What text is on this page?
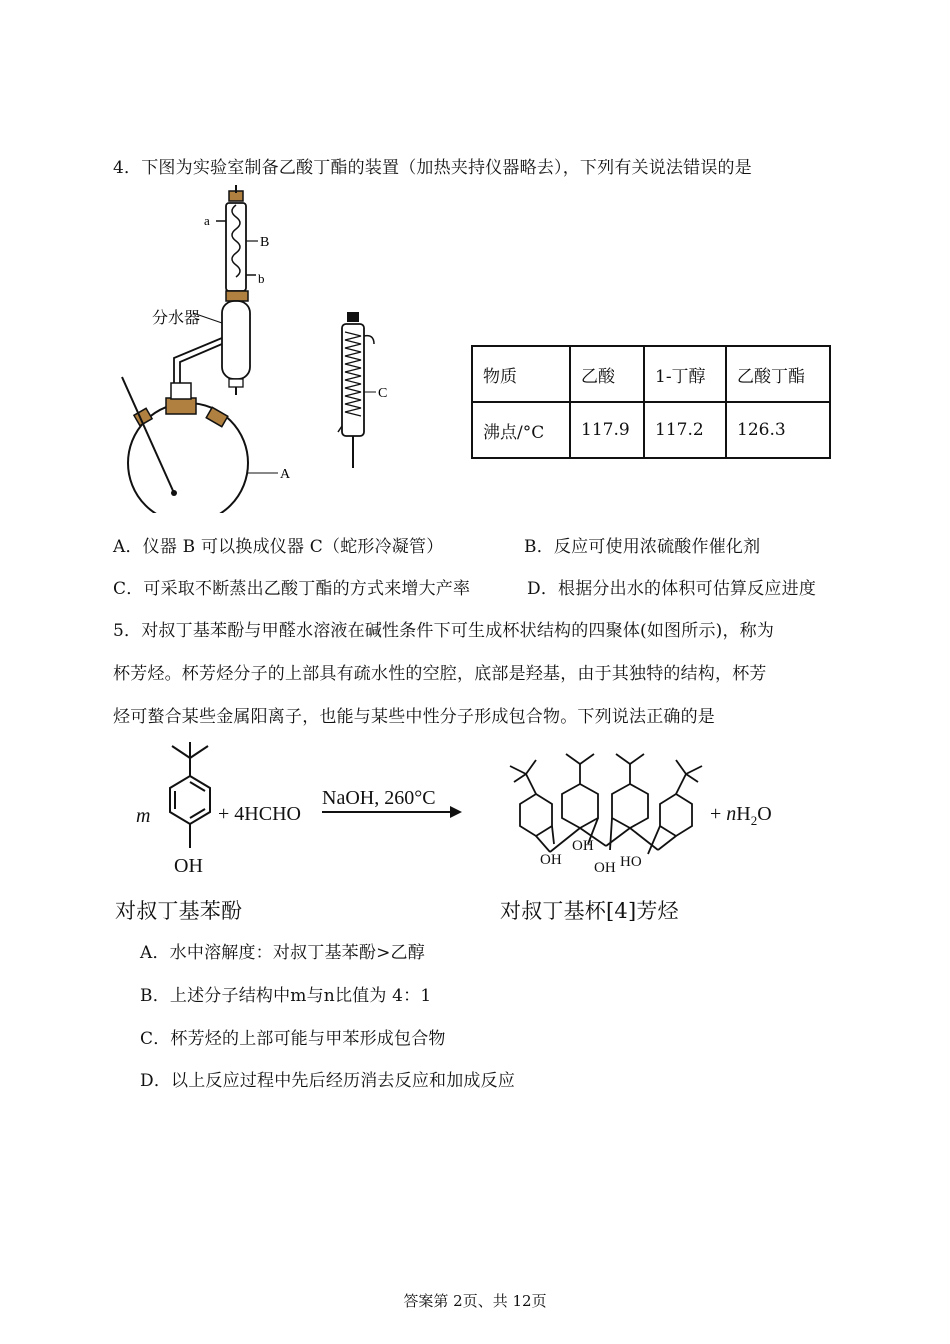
4．下图为实验室制备乙酸丁酯的装置（加热夹持仪器略去），下列有关说法错误的是
a
b
B
分水器
A
C
物质	乙酸	1-丁醇	乙酸丁酯
沸点/°C	117.9	117.2	126.3
A．仪器 B 可以换成仪器 C（蛇形冷凝管）	B．反应可使用浓硫酸作催化剂
C．可采取不断蒸出乙酸丁酯的方式来增大产率	D．根据分出水的体积可估算反应进度
5．对叔丁基苯酚与甲醛水溶液在碱性条件下可生成杯状结构的四聚体(如图所示)，称为
杯芳烃。杯芳烃分子的上部具有疏水性的空腔，底部是羟基，由于其独特的结构，杯芳
烃可螯合某些金属阳离子，也能与某些中性分子形成包合物。下列说法正确的是
m
OH
+ 4HCHO
NaOH, 260°C
OH
OH
OH HO
+ $nH_2O$
对叔丁基苯酚	对叔丁基杯[4]芳烃
A．水中溶解度：对叔丁基苯酚>乙醇
B．上述分子结构中m与n比值为 4：1
C．杯芳烃的上部可能与甲苯形成包合物
D．以上反应过程中先后经历消去反应和加成反应
答案第 2页、共 12页
